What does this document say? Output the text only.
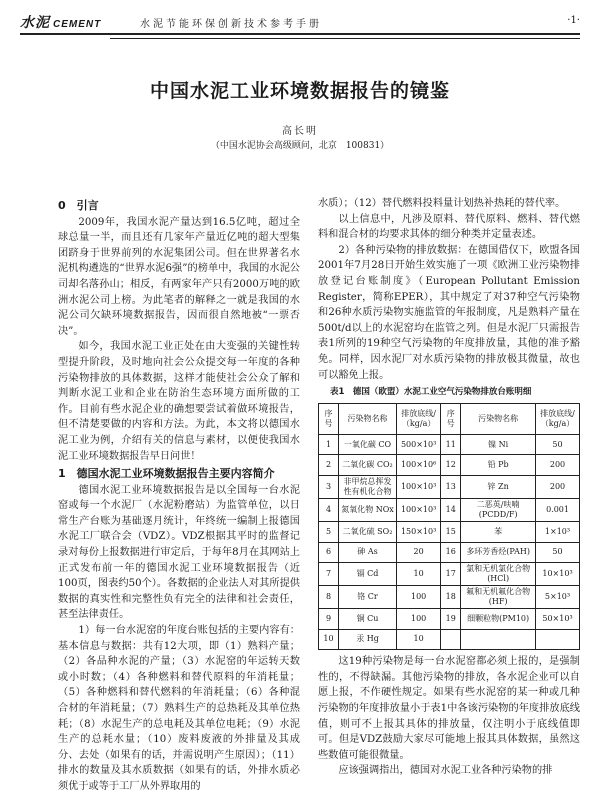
水泥 CEMENT	水泥节能环保创新技术参考手册	·1·
中国水泥工业环境数据报告的镜鉴
高长明
（中国水泥协会高级顾问，北京　100831）
0　引言

2009年，我国水泥产量达到16.5亿吨，超过全球总量一半，而且还有几家年产量近亿吨的超大型集团跻身于世界前列的水泥集团公司。但在世界著名水泥机构遴选的“世界水泥6强”的榜单中，我国的水泥公司却名落孙山；相反，有两家年产只有2000万吨的欧洲水泥公司上榜。为此笔者的解释之一就是我国的水泥公司欠缺环境数据报告，因而很自然地被“一票否决”。

如今，我国水泥工业正处在由大变强的关键性转型提升阶段，及时地向社会公众提交每一年度的各种污染物排放的具体数据，这样才能使社会公众了解和判断水泥工业和企业在防治生态环境方面所做的工作。目前有些水泥企业的确想要尝试着做环境报告，但不清楚要做的内容和方法。为此，本文将以德国水泥工业为例，介绍有关的信息与素材，以便使我国水泥工业环境数据报告早日问世！

1　德国水泥工业环境数据报告主要内容简介

德国水泥工业环境数据报告是以全国每一台水泥窑或每一个水泥厂（水泥粉磨站）为监管单位，以日常生产台账为基础逐月统计，年终统一编制上报德国水泥工厂联合会（VDZ）。VDZ根据其平时的监督记录对每份上报数据进行审定后，于每年8月在其网站上正式发布前一年的德国水泥工业环境数据报告（近100页，图表约50个）。各数据的企业法人对其所提供数据的真实性和完整性负有完全的法律和社会责任，甚至法律责任。

1）每一台水泥窑的年度台账包括的主要内容有：基本信息与数据：共有12大项，即（1）熟料产量；（2）各品种水泥的产量；（3）水泥窑的年运转天数或小时数；（4）各种燃料和替代原料的年消耗量；（5）各种燃料和替代燃料的年消耗量；（6）各种混合材的年消耗量；（7）熟料生产的总热耗及其单位热耗；（8）水泥生产的总电耗及其单位电耗；（9）水泥生产的总耗水量；（10）废料废液的外排量及其成分、去处（如果有的话，并需说明产生原因）；（11）排水的数量及其水质数据（如果有的话，外排水质必须优于或等于工厂从外界取用的

水质）；（12）替代燃料投料量计划热补热耗的替代率。

以上信息中，凡涉及原料、替代原料、燃料、替代燃料和混合材的均要求其体的细分种类并定量表述。

2）各种污染物的排放数据：在德国借仅下，欧盟各国2001年7月28日开始生效实施了一项《欧洲工业污染物排放登记台账制度》（European Pollutant Emission Register，简称EPER），其中规定了对37种空气污染物和26种水质污染物实施监管的年报制度，凡是熟料产量在500t/d以上的水泥窑均在监管之列。但是水泥厂只需报告表1所列的19种空气污染物的年度排放量，其他的准予豁免。同样，因水泥厂对水质污染物的排放极其微量，故也可以豁免上报。

表1　德国（欧盟）水泥工业空气污染物排放台账明细
序号	污染物名称	排放底线/（kg/a）	序号	污染物名称	排放底线/（kg/a）
1	一氧化碳 CO	500×10³	11	镍 Ni	50
2	二氧化碳 CO₂	100×10⁶	12	铅 Pb	200
3	非甲烷总挥发性有机化合物	100×10³	13	锌 Zn	200
4	氮氧化物 NOx	100×10³	14	二恶英/呋喃(PCDD/F)	0.001
5	二氧化硫 SO₂	150×10³	15	苯	1×10³
6	砷 As	20	16	多环芳香烃(PAH)	50
7	镉 Cd	10	17	氯和无机氯化合物(HCl)	10×10³
8	铬 Cr	100	18	氟和无机氟化合物(HF)	5×10³
9	铜 Cu	100	19	细颗粒物(PM10)	50×10³
10	汞 Hg	10			

这19种污染物是每一台水泥窑都必须上报的，是强制性的，不得缺漏。其他污染物的排放，各水泥企业可以自愿上报，不作硬性规定。如果有些水泥窑的某一种或几种污染物的年度排放量小于表1中各该污染物的年度排放底线值，则可不上报其具体的排放量，仅注明小于底线值即可。但是VDZ鼓励大家尽可能地上报其具体数据，虽然这些数值可能很微量。

应该强调指出，德国对水泥工业各种污染物的排
